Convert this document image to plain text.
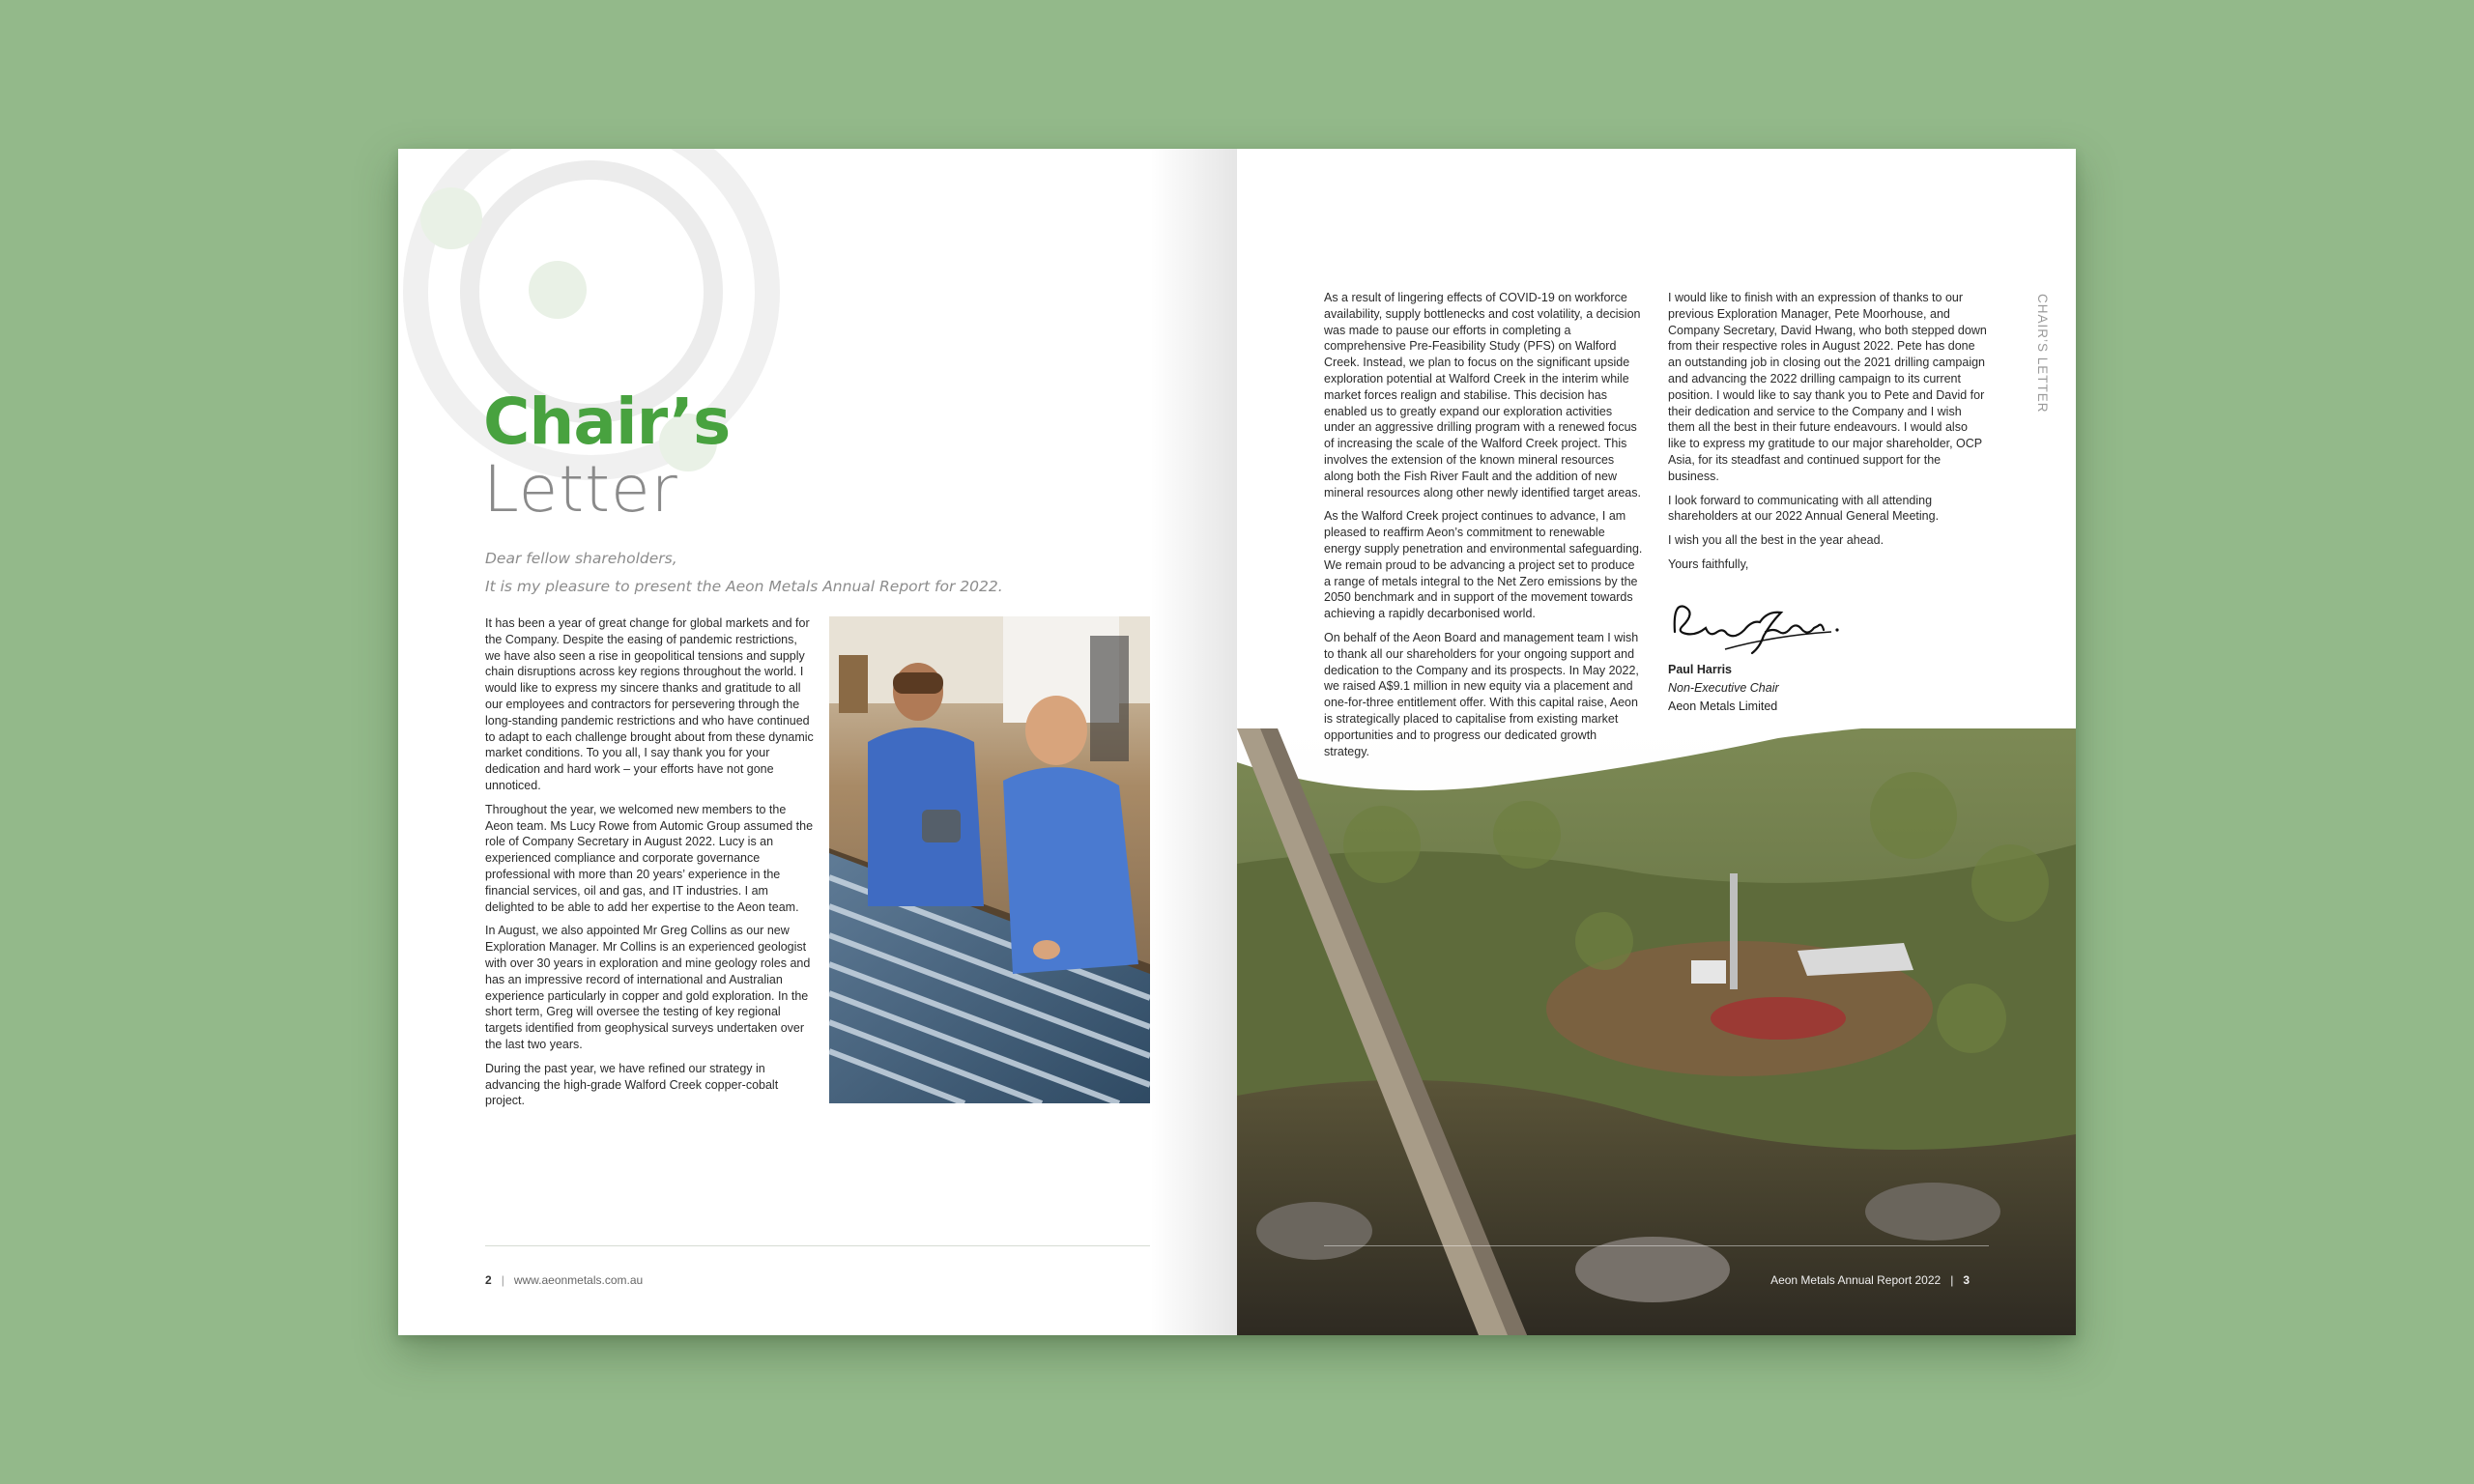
Chair’s
Letter
Dear fellow shareholders,
It is my pleasure to present the Aeon Metals Annual Report for 2022.

It has been a year of great change for global markets and for the Company. Despite the easing of pandemic restrictions, we have also seen a rise in geopolitical tensions and supply chain disruptions across key regions throughout the world. I would like to express my sincere thanks and gratitude to all our employees and contractors for persevering through the long-standing pandemic restrictions and who have continued to adapt to each challenge brought about from these dynamic market conditions. To you all, I say thank you for your dedication and hard work – your efforts have not gone unnoticed.

Throughout the year, we welcomed new members to the Aeon team. Ms Lucy Rowe from Automic Group assumed the role of Company Secretary in August 2022. Lucy is an experienced compliance and corporate governance professional with more than 20 years’ experience in the financial services, oil and gas, and IT industries. I am delighted to be able to add her expertise to the Aeon team.

In August, we also appointed Mr Greg Collins as our new Exploration Manager. Mr Collins is an experienced geologist with over 30 years in exploration and mine geology roles and has an impressive record of international and Australian experience particularly in copper and gold exploration. In the short term, Greg will oversee the testing of key regional targets identified from geophysical surveys undertaken over the last two years.

During the past year, we have refined our strategy in advancing the high-grade Walford Creek copper-cobalt project.

2 | www.aeonmetals.com.au

As a result of lingering effects of COVID-19 on workforce availability, supply bottlenecks and cost volatility, a decision was made to pause our efforts in completing a comprehensive Pre-Feasibility Study (PFS) on Walford Creek. Instead, we plan to focus on the significant upside exploration potential at Walford Creek in the interim while market forces realign and stabilise. This decision has enabled us to greatly expand our exploration activities under an aggressive drilling program with a renewed focus of increasing the scale of the Walford Creek project. This involves the extension of the known mineral resources along both the Fish River Fault and the addition of new mineral resources along other newly identified target areas.

As the Walford Creek project continues to advance, I am pleased to reaffirm Aeon’s commitment to renewable energy supply penetration and environmental safeguarding. We remain proud to be advancing a project set to produce a range of metals integral to the Net Zero emissions by the 2050 benchmark and in support of the movement towards achieving a rapidly decarbonised world.

On behalf of the Aeon Board and management team I wish to thank all our shareholders for your ongoing support and dedication to the Company and its prospects. In May 2022, we raised A$9.1 million in new equity via a placement and one-for-three entitlement offer. With this capital raise, Aeon is strategically placed to capitalise from existing market opportunities and to progress our dedicated growth strategy.

I would like to finish with an expression of thanks to our previous Exploration Manager, Pete Moorhouse, and Company Secretary, David Hwang, who both stepped down from their respective roles in August 2022. Pete has done an outstanding job in closing out the 2021 drilling campaign and advancing the 2022 drilling campaign to its current position. I would like to say thank you to Pete and David for their dedication and service to the Company and I wish them all the best in their future endeavours. I would also like to express my gratitude to our major shareholder, OCP Asia, for its steadfast and continued support for the business.

I look forward to communicating with all attending shareholders at our 2022 Annual General Meeting.

I wish you all the best in the year ahead.

Yours faithfully,

Paul Harris
Non-Executive Chair
Aeon Metals Limited
CHAIR’S LETTER
Aeon Metals Annual Report 2022 | 3
